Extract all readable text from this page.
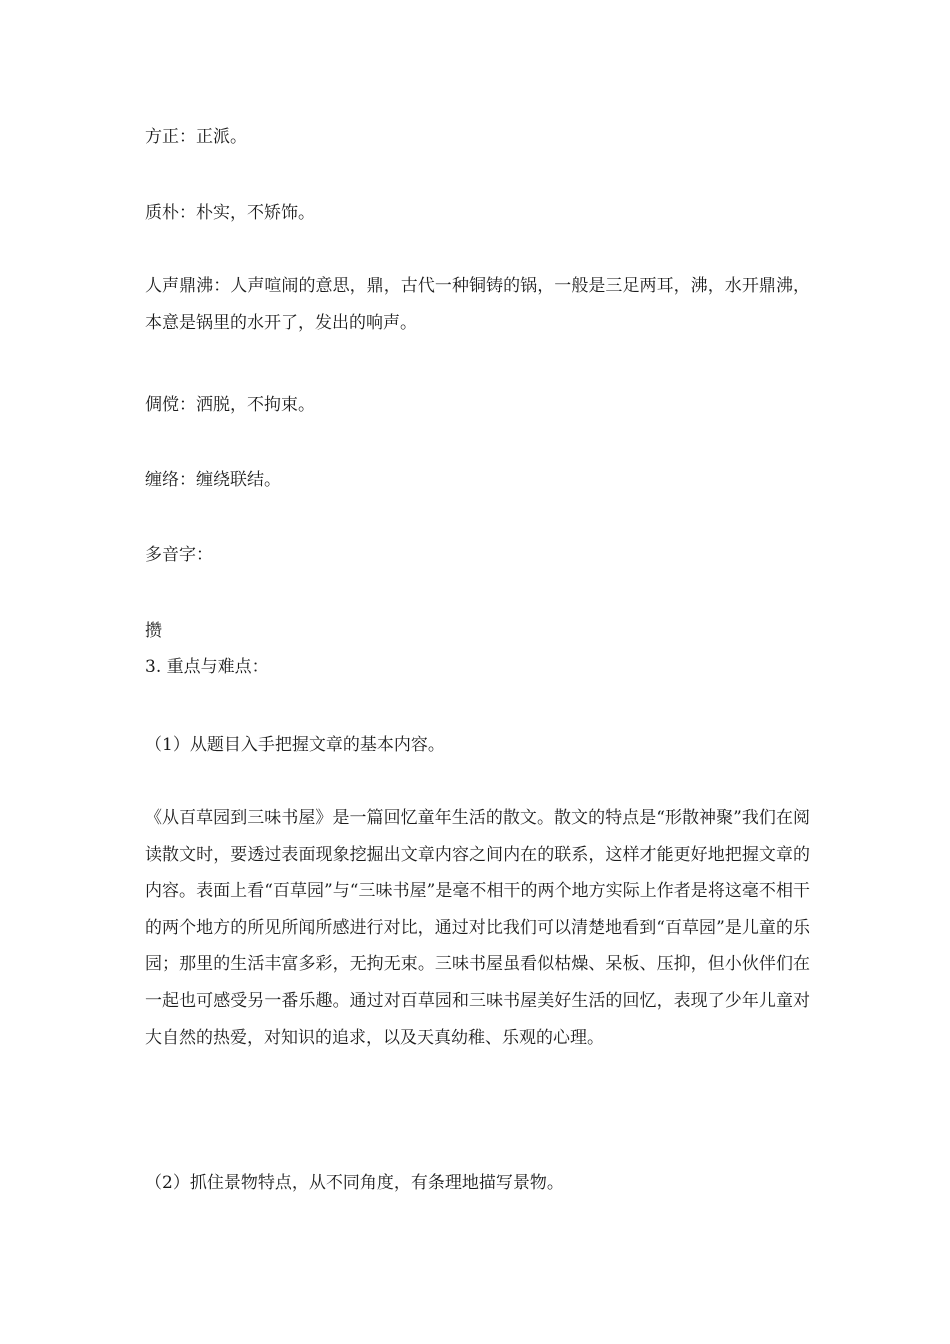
方正：正派。
质朴：朴实，不矫饰。
人声鼎沸：人声喧闹的意思，鼎，古代一种铜铸的锅，一般是三足两耳，沸，水开鼎沸，本意是锅里的水开了，发出的响声。
倜傥：洒脱，不拘束。
缠络：缠绕联结。
多音字：
攒
3. 重点与难点：
（1）从题目入手把握文章的基本内容。
《从百草园到三味书屋》是一篇回忆童年生活的散文。散文的特点是“形散神聚”我们在阅读散文时，要透过表面现象挖掘出文章内容之间内在的联系，这样才能更好地把握文章的内容。表面上看“百草园”与“三味书屋”是毫不相干的两个地方实际上作者是将这毫不相干的两个地方的所见所闻所感进行对比，通过对比我们可以清楚地看到“百草园”是儿童的乐园；那里的生活丰富多彩，无拘无束。三味书屋虽看似枯燥、呆板、压抑，但小伙伴们在一起也可感受另一番乐趣。通过对百草园和三味书屋美好生活的回忆，表现了少年儿童对大自然的热爱，对知识的追求，以及天真幼稚、乐观的心理。
（2）抓住景物特点，从不同角度，有条理地描写景物。
